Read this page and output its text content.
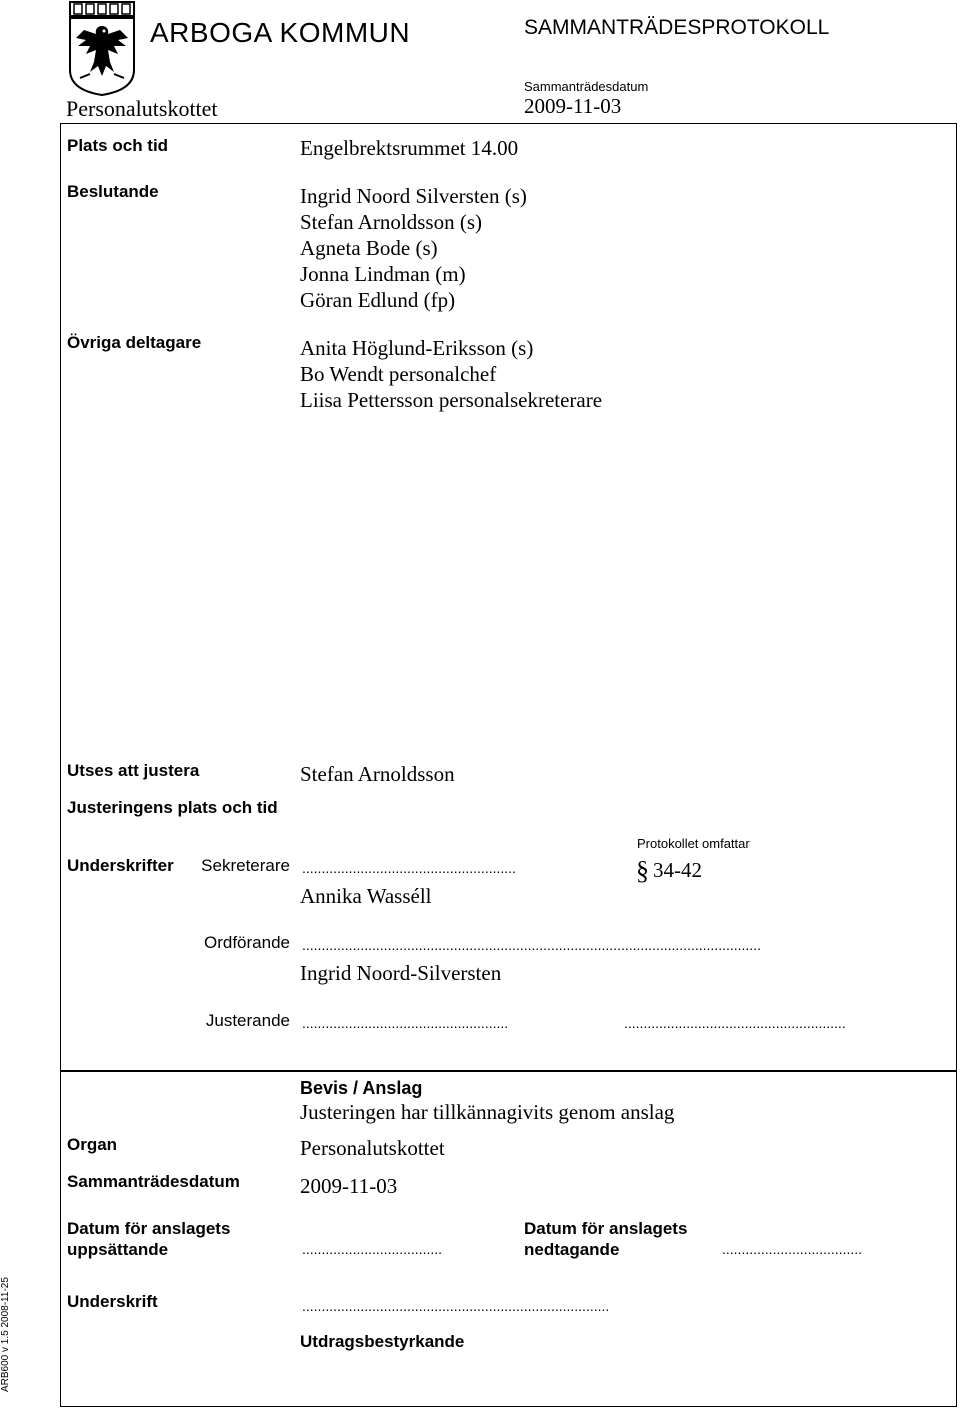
ARBOGA KOMMUN	SAMMANTRÄDESPROTOKOLL
Personalutskottet
Sammanträdesdatum
2009-11-03
Plats och tid	Engelbrektsrummet 14.00
Beslutande	Ingrid Noord Silversten (s)
Stefan Arnoldsson (s)
Agneta Bode (s)
Jonna Lindman (m)
Göran Edlund (fp)
Övriga deltagare	Anita Höglund-Eriksson (s)
Bo Wendt personalchef
Liisa Pettersson personalsekreterare
Utses att justera	Stefan Arnoldsson
Justeringens plats och tid
Underskrifter	Sekreterare .......................................................
Annika Wasséll
Protokollet omfattar
§ 34-42
Ordförande ......................................................................................................................
Ingrid Noord-Silversten
Justerande .....................................................	.........................................................
Bevis / Anslag
Justeringen har tillkännagivits genom anslag
Organ	Personalutskottet
Sammanträdesdatum	2009-11-03
Datum för anslagets
uppsättande	....................................
Datum för anslagets
nedtagande	....................................
Underskrift	...............................................................................
Utdragsbestyrkande
ARB600 v 1.5 2008-11-25
